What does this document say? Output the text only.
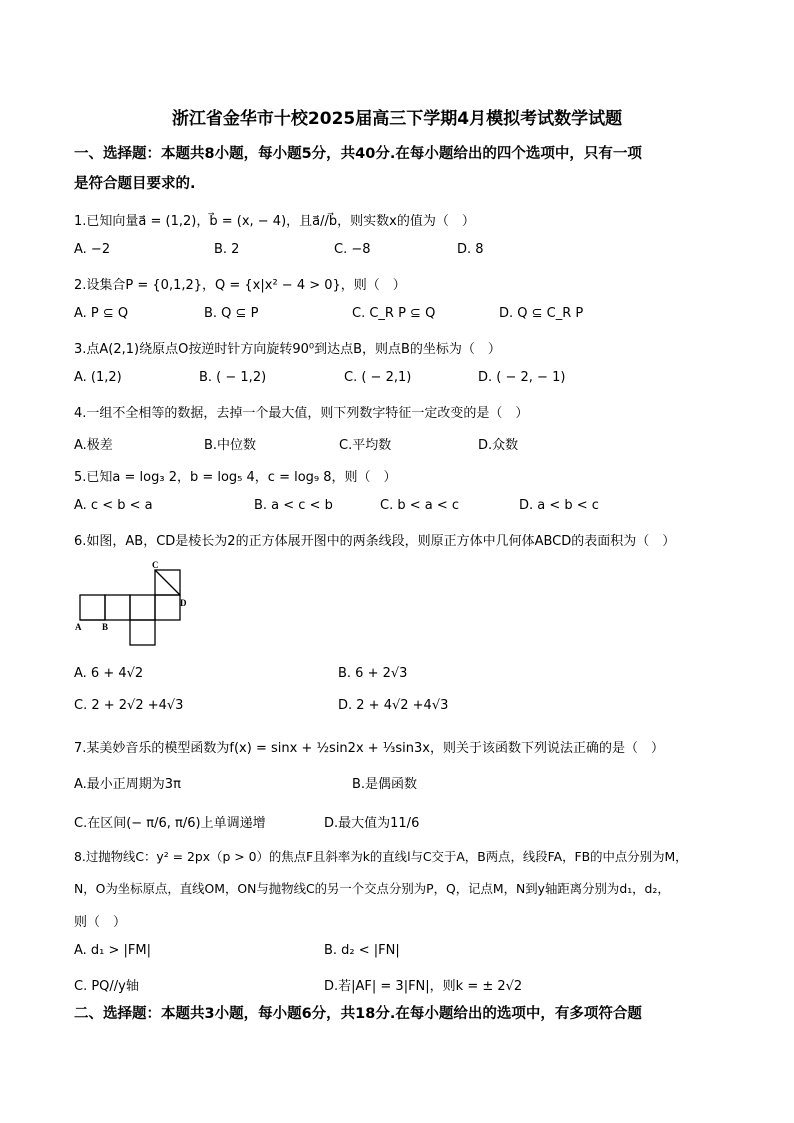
浙江省金华市十校2025届高三下学期4月模拟考试数学试题
一、选择题：本题共8小题，每小题5分，共40分.在每小题给出的四个选项中，只有一项
是符合题目要求的.
1.已知向量a⃗ = (1,2)，b⃗ = (x, − 4)，且a⃗//b⃗，则实数x的值为（　）
A. −2	B. 2	C. −8	D. 8
2.设集合P = {0,1,2}，Q = {x|x² − 4 > 0}，则（　）
A. P ⊆ Q	B. Q ⊆ P	C. C_R P ⊆ Q	D. Q ⊆ C_R P
3.点A(2,1)绕原点O按逆时针方向旋转90⁰到达点B，则点B的坐标为（　）
A. (1,2)	B. ( − 1,2)	C. ( − 2,1)	D. ( − 2, − 1)
4.一组不全相等的数据，去掉一个最大值，则下列数字特征一定改变的是（　）
A.极差	B.中位数	C.平均数	D.众数
5.已知a = log₃ 2，b = log₅ 4，c = log₉ 8，则（　）
A. c < b < a	B. a < c < b	C. b < a < c	D. a < b < c
6.如图，AB，CD是棱长为2的正方体展开图中的两条线段，则原正方体中几何体ABCD的表面积为（　）
A B
C
D
A. 6 + 4√2	B. 6 + 2√3
C. 2 + 2√2 +4√3	D. 2 + 4√2 +4√3
7.某美妙音乐的模型函数为f(x) = sinx + ½sin2x + ⅓sin3x，则关于该函数下列说法正确的是（　）
A.最小正周期为3π	B.是偶函数
C.在区间(− π/6, π/6)上单调递增	D.最大值为11/6
8.过抛物线C：y² = 2px（p > 0）的焦点F且斜率为k的直线l与C交于A，B两点，线段FA，FB的中点分别为M，
N，O为坐标原点，直线OM，ON与抛物线C的另一个交点分别为P，Q，记点M，N到y轴距离分别为d₁，d₂，
则（　）
A. d₁ > |FM|	B. d₂ < |FN|
C. PQ//y轴	D.若|AF| = 3|FN|，则k = ± 2√2
二、选择题：本题共3小题，每小题6分，共18分.在每小题给出的选项中，有多项符合题
